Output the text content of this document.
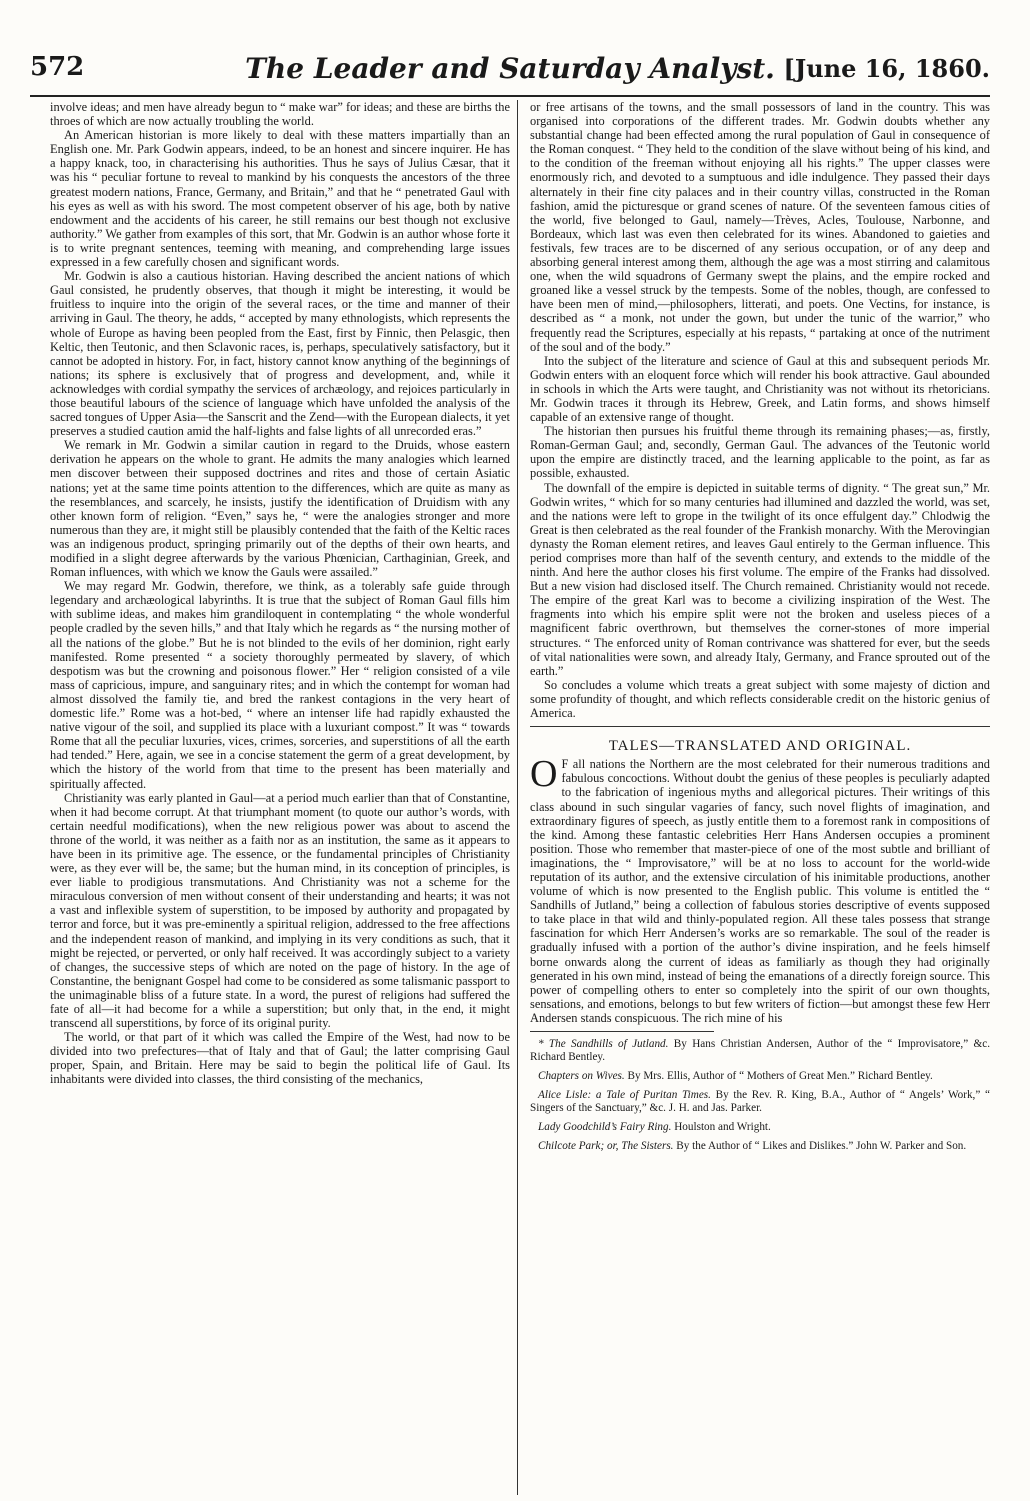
572	The Leader and Saturday Analyst. [June 16, 1860.

involve ideas; and men have already begun to “ make war” for ideas; and these are births the throes of which are now actually troubling the world.

An American historian is more likely to deal with these matters impartially than an English one. Mr. Park Godwin appears, indeed, to be an honest and sincere inquirer. He has a happy knack, too, in characterising his authorities. Thus he says of Julius Cæsar, that it was his “ peculiar fortune to reveal to mankind by his conquests the ancestors of the three greatest modern nations, France, Germany, and Britain,” and that he “ penetrated Gaul with his eyes as well as with his sword. The most competent observer of his age, both by native endowment and the accidents of his career, he still remains our best though not exclusive authority.” We gather from examples of this sort, that Mr. Godwin is an author whose forte it is to write pregnant sentences, teeming with meaning, and comprehending large issues expressed in a few carefully chosen and significant words.

Mr. Godwin is also a cautious historian. Having described the ancient nations of which Gaul consisted, he prudently observes, that though it might be interesting, it would be fruitless to inquire into the origin of the several races, or the time and manner of their arriving in Gaul. The theory, he adds, “ accepted by many ethnologists, which represents the whole of Europe as having been peopled from the East, first by Finnic, then Pelasgic, then Keltic, then Teutonic, and then Sclavonic races, is, perhaps, speculatively satisfactory, but it cannot be adopted in history. For, in fact, history cannot know anything of the beginnings of nations; its sphere is exclusively that of progress and development, and, while it acknowledges with cordial sympathy the services of archæology, and rejoices particularly in those beautiful labours of the science of language which have unfolded the analysis of the sacred tongues of Upper Asia—the Sanscrit and the Zend—with the European dialects, it yet preserves a studied caution amid the half-lights and false lights of all unrecorded eras.”

We remark in Mr. Godwin a similar caution in regard to the Druids, whose eastern derivation he appears on the whole to grant. He admits the many analogies which learned men discover between their supposed doctrines and rites and those of certain Asiatic nations; yet at the same time points attention to the differences, which are quite as many as the resemblances, and scarcely, he insists, justify the identification of Druidism with any other known form of religion. “Even,” says he, “ were the analogies stronger and more numerous than they are, it might still be plausibly contended that the faith of the Keltic races was an indigenous product, springing primarily out of the depths of their own hearts, and modified in a slight degree afterwards by the various Phœnician, Carthaginian, Greek, and Roman influences, with which we know the Gauls were assailed.”

We may regard Mr. Godwin, therefore, we think, as a tolerably safe guide through legendary and archæological labyrinths. It is true that the subject of Roman Gaul fills him with sublime ideas, and makes him grandiloquent in contemplating “ the whole wonderful people cradled by the seven hills,” and that Italy which he regards as “ the nursing mother of all the nations of the globe.” But he is not blinded to the evils of her dominion, right early manifested. Rome presented “ a society thoroughly permeated by slavery, of which despotism was but the crowning and poisonous flower.” Her “ religion consisted of a vile mass of capricious, impure, and sanguinary rites; and in which the contempt for woman had almost dissolved the family tie, and bred the rankest contagions in the very heart of domestic life.” Rome was a hot-bed, “ where an intenser life had rapidly exhausted the native vigour of the soil, and supplied its place with a luxuriant compost.” It was “ towards Rome that all the peculiar luxuries, vices, crimes, sorceries, and superstitions of all the earth had tended.” Here, again, we see in a concise statement the germ of a great development, by which the history of the world from that time to the present has been materially and spiritually affected.

Christianity was early planted in Gaul—at a period much earlier than that of Constantine, when it had become corrupt. At that triumphant moment (to quote our author’s words, with certain needful modifications), when the new religious power was about to ascend the throne of the world, it was neither as a faith nor as an institution, the same as it appears to have been in its primitive age. The essence, or the fundamental principles of Christianity were, as they ever will be, the same; but the human mind, in its conception of principles, is ever liable to prodigious transmutations. And Christianity was not a scheme for the miraculous conversion of men without consent of their understanding and hearts; it was not a vast and inflexible system of superstition, to be imposed by authority and propagated by terror and force, but it was pre-eminently a spiritual religion, addressed to the free affections and the independent reason of mankind, and implying in its very conditions as such, that it might be rejected, or perverted, or only half received. It was accordingly subject to a variety of changes, the successive steps of which are noted on the page of history. In the age of Constantine, the benignant Gospel had come to be considered as some talismanic passport to the unimaginable bliss of a future state. In a word, the purest of religions had suffered the fate of all—it had become for a while a superstition; but only that, in the end, it might transcend all superstitions, by force of its original purity.

The world, or that part of it which was called the Empire of the West, had now to be divided into two prefectures—that of Italy and that of Gaul; the latter comprising Gaul proper, Spain, and Britain. Here may be said to begin the political life of Gaul. Its inhabitants were divided into classes, the third consisting of the mechanics,

or free artisans of the towns, and the small possessors of land in the country. This was organised into corporations of the different trades. Mr. Godwin doubts whether any substantial change had been effected among the rural population of Gaul in consequence of the Roman conquest. “ They held to the condition of the slave without being of his kind, and to the condition of the freeman without enjoying all his rights.” The upper classes were enormously rich, and devoted to a sumptuous and idle indulgence. They passed their days alternately in their fine city palaces and in their country villas, constructed in the Roman fashion, amid the picturesque or grand scenes of nature. Of the seventeen famous cities of the world, five belonged to Gaul, namely—Trèves, Acles, Toulouse, Narbonne, and Bordeaux, which last was even then celebrated for its wines. Abandoned to gaieties and festivals, few traces are to be discerned of any serious occupation, or of any deep and absorbing general interest among them, although the age was a most stirring and calamitous one, when the wild squadrons of Germany swept the plains, and the empire rocked and groaned like a vessel struck by the tempests. Some of the nobles, though, are confessed to have been men of mind,—philosophers, litterati, and poets. One Vectins, for instance, is described as “ a monk, not under the gown, but under the tunic of the warrior,” who frequently read the Scriptures, especially at his repasts, “ partaking at once of the nutriment of the soul and of the body.”

Into the subject of the literature and science of Gaul at this and subsequent periods Mr. Godwin enters with an eloquent force which will render his book attractive. Gaul abounded in schools in which the Arts were taught, and Christianity was not without its rhetoricians. Mr. Godwin traces it through its Hebrew, Greek, and Latin forms, and shows himself capable of an extensive range of thought.

The historian then pursues his fruitful theme through its remaining phases;—as, firstly, Roman-German Gaul; and, secondly, German Gaul. The advances of the Teutonic world upon the empire are distinctly traced, and the learning applicable to the point, as far as possible, exhausted.

The downfall of the empire is depicted in suitable terms of dignity. “ The great sun,” Mr. Godwin writes, “ which for so many centuries had illumined and dazzled the world, was set, and the nations were left to grope in the twilight of its once effulgent day.” Chlodwig the Great is then celebrated as the real founder of the Frankish monarchy. With the Merovingian dynasty the Roman element retires, and leaves Gaul entirely to the German influence. This period comprises more than half of the seventh century, and extends to the middle of the ninth. And here the author closes his first volume. The empire of the Franks had dissolved. But a new vision had disclosed itself. The Church remained. Christianity would not recede. The empire of the great Karl was to become a civilizing inspiration of the West. The fragments into which his empire split were not the broken and useless pieces of a magnificent fabric overthrown, but themselves the corner-stones of more imperial structures. “ The enforced unity of Roman contrivance was shattered for ever, but the seeds of vital nationalities were sown, and already Italy, Germany, and France sprouted out of the earth.”

So concludes a volume which treats a great subject with some majesty of diction and some profundity of thought, and which reflects considerable credit on the historic genius of America.

TALES—TRANSLATED AND ORIGINAL.

O F all nations the Northern are the most celebrated for their numerous traditions and fabulous concoctions. Without doubt the genius of these peoples is peculiarly adapted to the fabrication of ingenious myths and allegorical pictures. Their writings of this class abound in such singular vagaries of fancy, such novel flights of imagination, and extraordinary figures of speech, as justly entitle them to a foremost rank in compositions of the kind. Among these fantastic celebrities Herr Hans Andersen occupies a prominent position. Those who remember that master-piece of one of the most subtle and brilliant of imaginations, the “ Improvisatore,” will be at no loss to account for the world-wide reputation of its author, and the extensive circulation of his inimitable productions, another volume of which is now presented to the English public. This volume is entitled the “ Sandhills of Jutland,” being a collection of fabulous stories descriptive of events supposed to take place in that wild and thinly-populated region. All these tales possess that strange fascination for which Herr Andersen’s works are so remarkable. The soul of the reader is gradually infused with a portion of the author’s divine inspiration, and he feels himself borne onwards along the current of ideas as familiarly as though they had originally generated in his own mind, instead of being the emanations of a directly foreign source. This power of compelling others to enter so completely into the spirit of our own thoughts, sensations, and emotions, belongs to but few writers of fiction—but amongst these few Herr Andersen stands conspicuous. The rich mine of his

* The Sandhills of Jutland. By Hans Christian Andersen, Author of the “ Improvisatore,” &c. Richard Bentley.

Chapters on Wives. By Mrs. Ellis, Author of “ Mothers of Great Men.” Richard Bentley.

Alice Lisle: a Tale of Puritan Times. By the Rev. R. King, B.A., Author of “ Angels’ Work,” “ Singers of the Sanctuary,” &c. J. H. and Jas. Parker.

Lady Goodchild’s Fairy Ring. Houlston and Wright.

Chilcote Park; or, The Sisters. By the Author of “ Likes and Dislikes.” John W. Parker and Son.
